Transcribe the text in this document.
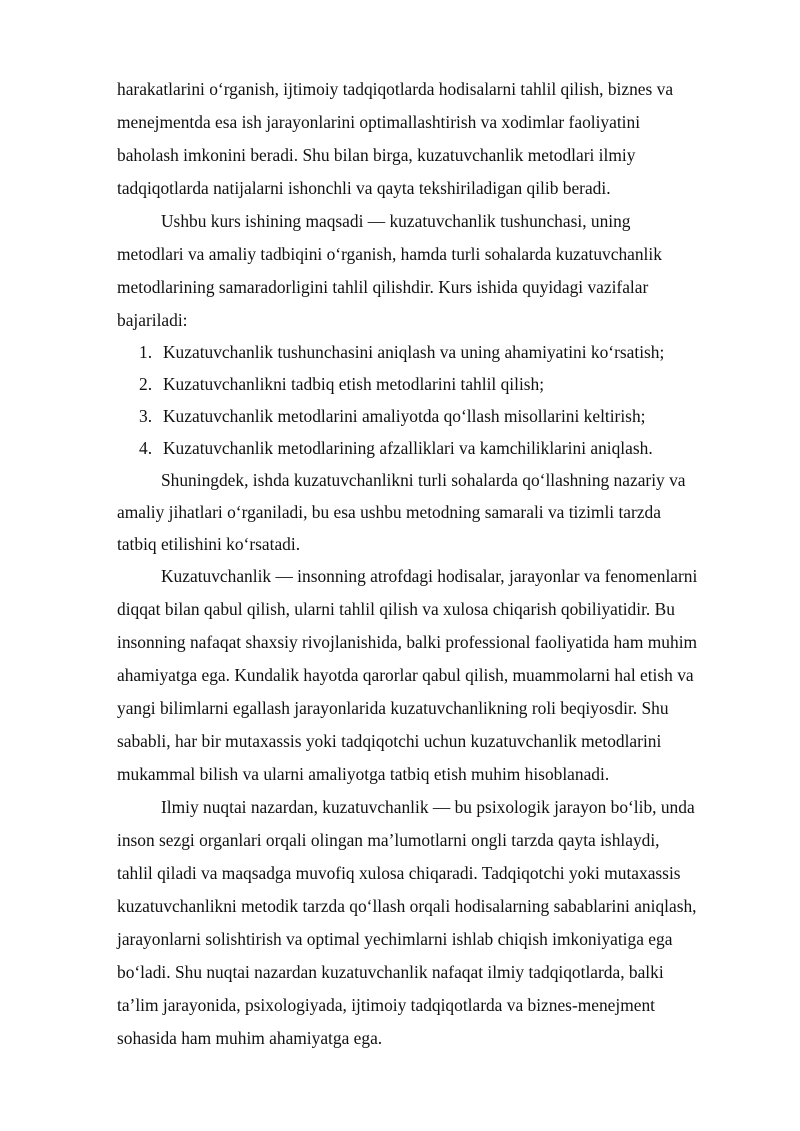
harakatlarini o‘rganish, ijtimoiy tadqiqotlarda hodisalarni tahlil qilish, biznes va
menejmentda esa ish jarayonlarini optimallashtirish va xodimlar faoliyatini
baholash imkonini beradi. Shu bilan birga, kuzatuvchanlik metodlari ilmiy
tadqiqotlarda natijalarni ishonchli va qayta tekshiriladigan qilib beradi.
Ushbu kurs ishining maqsadi — kuzatuvchanlik tushunchasi, uning
metodlari va amaliy tadbiqini o‘rganish, hamda turli sohalarda kuzatuvchanlik
metodlarining samaradorligini tahlil qilishdir. Kurs ishida quyidagi vazifalar
bajariladi:
1. Kuzatuvchanlik tushunchasini aniqlash va uning ahamiyatini ko‘rsatish;
2. Kuzatuvchanlikni tadbiq etish metodlarini tahlil qilish;
3. Kuzatuvchanlik metodlarini amaliyotda qo‘llash misollarini keltirish;
4. Kuzatuvchanlik metodlarining afzalliklari va kamchiliklarini aniqlash.
Shuningdek, ishda kuzatuvchanlikni turli sohalarda qo‘llashning nazariy va
amaliy jihatlari o‘rganiladi, bu esa ushbu metodning samarali va tizimli tarzda
tatbiq etilishini ko‘rsatadi.
Kuzatuvchanlik — insonning atrofdagi hodisalar, jarayonlar va fenomenlarni
diqqat bilan qabul qilish, ularni tahlil qilish va xulosa chiqarish qobiliyatidir. Bu
insonning nafaqat shaxsiy rivojlanishida, balki professional faoliyatida ham muhim
ahamiyatga ega. Kundalik hayotda qarorlar qabul qilish, muammolarni hal etish va
yangi bilimlarni egallash jarayonlarida kuzatuvchanlikning roli beqiyosdir. Shu
sababli, har bir mutaxassis yoki tadqiqotchi uchun kuzatuvchanlik metodlarini
mukammal bilish va ularni amaliyotga tatbiq etish muhim hisoblanadi.
Ilmiy nuqtai nazardan, kuzatuvchanlik — bu psixologik jarayon bo‘lib, unda
inson sezgi organlari orqali olingan ma’lumotlarni ongli tarzda qayta ishlaydi,
tahlil qiladi va maqsadga muvofiq xulosa chiqaradi. Tadqiqotchi yoki mutaxassis
kuzatuvchanlikni metodik tarzda qo‘llash orqali hodisalarning sabablarini aniqlash,
jarayonlarni solishtirish va optimal yechimlarni ishlab chiqish imkoniyatiga ega
bo‘ladi. Shu nuqtai nazardan kuzatuvchanlik nafaqat ilmiy tadqiqotlarda, balki
ta’lim jarayonida, psixologiyada, ijtimoiy tadqiqotlarda va biznes-menejment
sohasida ham muhim ahamiyatga ega.
